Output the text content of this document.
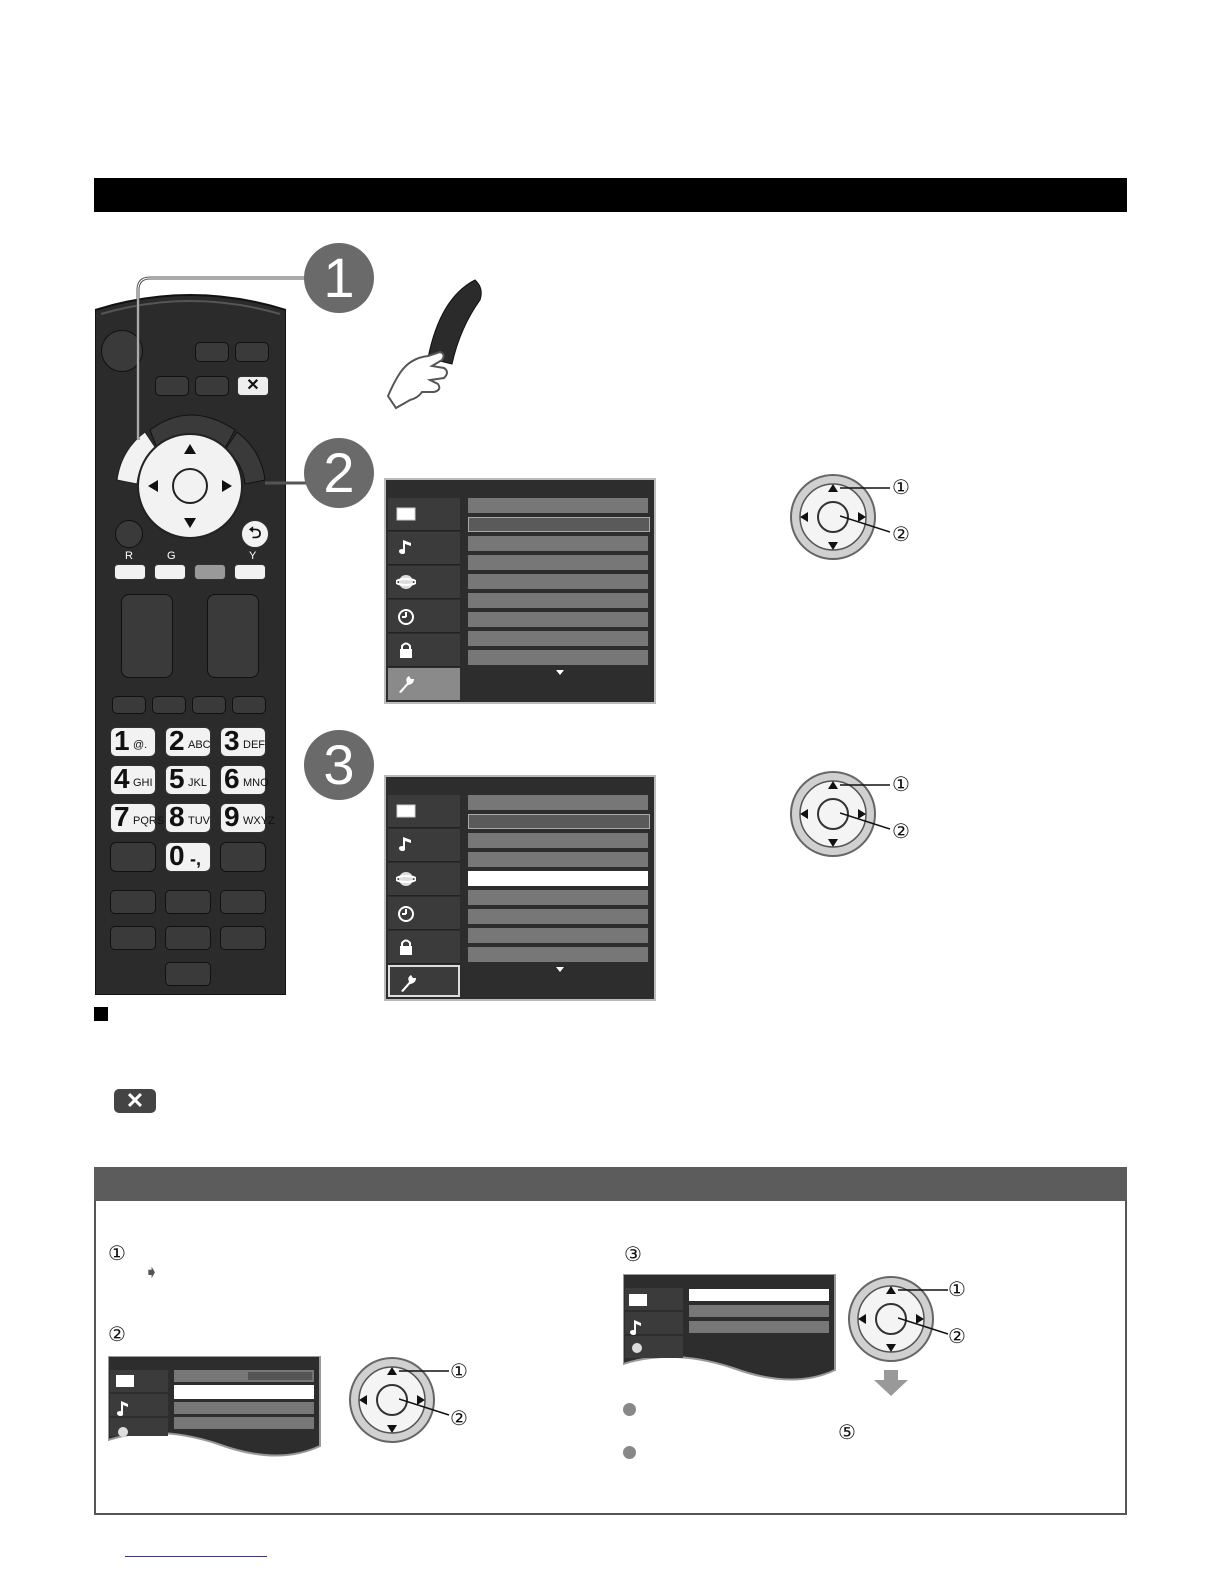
✕
⮌
R	G	Y
1 @. 2 ABC 3 DEF
4 GHI 5 JKL 6 MNO
7 PQRS 8 TUV 9 WXYZ
0 -,
1
2
3
①
②
①
②
✕
①
➧
②
③
①
②
①
②
⑤
